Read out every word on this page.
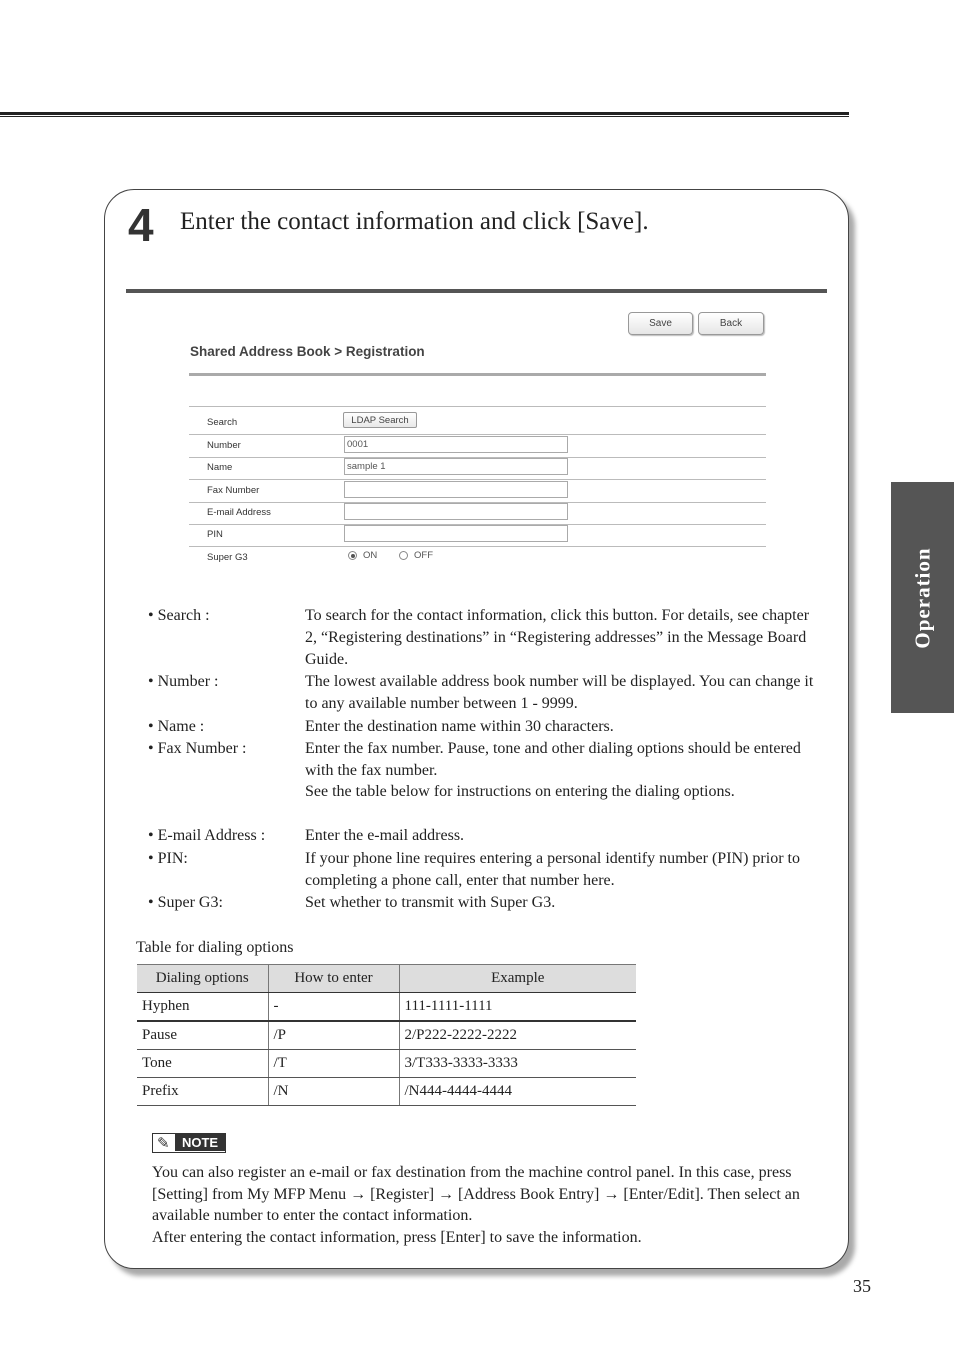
Operation
4 Enter the contact information and click [Save].
Save	Back
Shared Address Book > Registration
Search	LDAP Search
Number	0001
Name	sample 1
Fax Number
E-mail Address
PIN
Super G3	ON	OFF
• Search :	To search for the contact information, click this button. For details, see chapter 2, “Registering destinations” in “Registering addresses” in the Message Board Guide.
• Number :	The lowest available address book number will be displayed. You can change it to any available number between 1 - 9999.
• Name :	Enter the destination name within 30 characters.
• Fax Number :	Enter the fax number. Pause, tone and other dialing options should be entered with the fax number.
See the table below for instructions on entering the dialing options.
• E-mail Address : Enter the e-mail address.
• PIN:	If your phone line requires entering a personal identify number (PIN) prior to completing a phone call, enter that number here.
• Super G3:	Set whether to transmit with Super G3.
Table for dialing options
Dialing options	How to enter	Example
Hyphen	-	111-1111-1111
Pause	/P	2/P222-2222-2222
Tone	/T	3/T333-3333-3333
Prefix	/N	/N444-4444-4444
✎ NOTE
You can also register an e-mail or fax destination from the machine control panel. In this case, press [Setting] from My MFP Menu → [Register] → [Address Book Entry] → [Enter/Edit]. Then select an available number to enter the contact information.
After entering the contact information, press [Enter] to save the information.
35
